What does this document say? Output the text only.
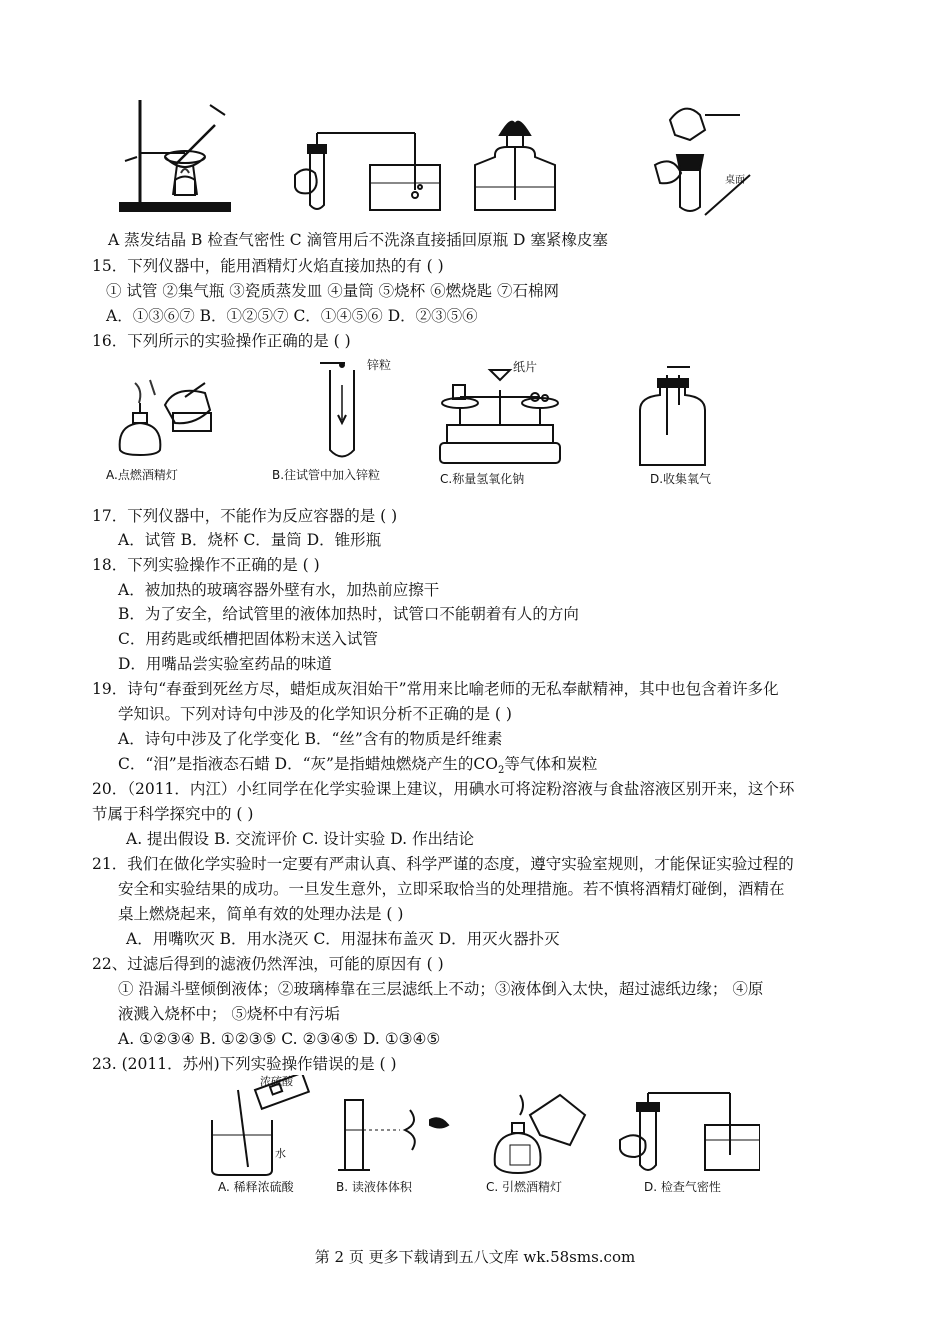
桌面
A 蒸发结晶 B 检查气密性 C 滴管用后不洗涤直接插回原瓶 D 塞紧橡皮塞
15．下列仪器中，能用酒精灯火焰直接加热的有 ( )
① 试管 ②集气瓶 ③瓷质蒸发皿 ④量筒 ⑤烧杯 ⑥燃烧匙 ⑦石棉网
A．①③⑥⑦ B．①②⑤⑦ C．①④⑤⑥ D．②③⑤⑥
16．下列所示的实验操作正确的是 ( )
锌粒	纸片
A.点燃酒精灯	B.往试管中加入锌粒	C.称量氢氧化钠	D.收集氧气
17．下列仪器中，不能作为反应容器的是 ( )
A．试管 B．烧杯 C．量筒 D．锥形瓶
18．下列实验操作不正确的是 ( )
A．被加热的玻璃容器外壁有水，加热前应擦干
B．为了安全，给试管里的液体加热时，试管口不能朝着有人的方向
C．用药匙或纸槽把固体粉末送入试管
D．用嘴品尝实验室药品的味道
19．诗句“春蚕到死丝方尽，蜡炬成灰泪始干”常用来比喻老师的无私奉献精神，其中也包含着许多化
学知识。下列对诗句中涉及的化学知识分析不正确的是 ( )
A．诗句中涉及了化学变化 B．“丝”含有的物质是纤维素
C．“泪”是指液态石蜡 D．“灰”是指蜡烛燃烧产生的$CO_2$等气体和炭粒
20．（2011．内江）小红同学在化学实验课上建议，用碘水可将淀粉溶液与食盐溶液区别开来，这个环
节属于科学探究中的 ( )
A. 提出假设 B. 交流评价 C. 设计实验 D. 作出结论
21．我们在做化学实验时一定要有严肃认真、科学严谨的态度，遵守实验室规则，才能保证实验过程的
安全和实验结果的成功。一旦发生意外，立即采取恰当的处理措施。若不慎将酒精灯碰倒，酒精在
桌上燃烧起来，简单有效的处理办法是 ( )
A．用嘴吹灭 B．用水浇灭 C．用湿抹布盖灭 D．用灭火器扑灭
22、过滤后得到的滤液仍然浑浊，可能的原因有 ( )
① 沿漏斗壁倾倒液体；②玻璃棒靠在三层滤纸上不动；③液体倒入太快，超过滤纸边缘； ④原
液溅入烧杯中； ⑤烧杯中有污垢
A. ①②③④ B. ①②③⑤ C. ②③④⑤ D. ①③④⑤
23. (2011．苏州)下列实验操作错误的是 ( )
浓硫酸
水
A. 稀释浓硫酸	B. 读液体体积	C. 引燃酒精灯	D. 检查气密性
第 2 页 更多下载请到五八文库 wk.58sms.com
